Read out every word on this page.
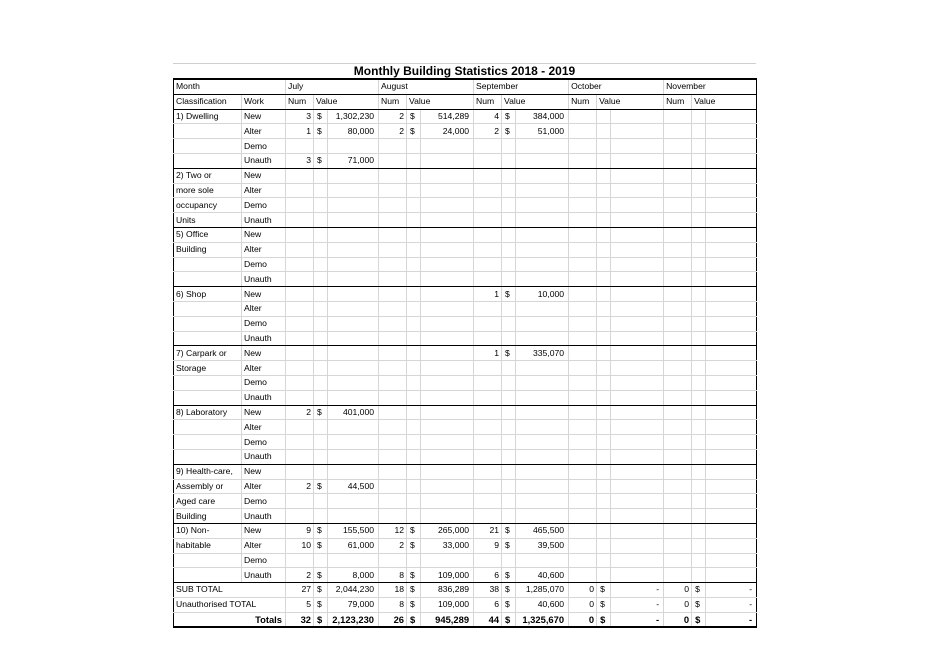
Monthly Building Statistics 2018 - 2019
Month		July			August			September			October			November		
Classification	Work	Num	Value		Num	Value		Num	Value		Num	Value		Num	Value	
1) Dwelling	New	3	$	1,302,230	2	$	514,289	4	$	384,000						
	Alter	1	$	80,000	2	$	24,000	2	$	51,000						
	Demo															
	Unauth	3	$	71,000												
2) Two or	New															
more sole	Alter															
occupancy	Demo															
Units	Unauth															
5) Office	New															
Building	Alter															
	Demo															
	Unauth															
6) Shop	New							1	$	10,000						
	Alter															
	Demo															
	Unauth															
7) Carpark or	New							1	$	335,070						
Storage	Alter															
	Demo															
	Unauth															
8) Laboratory	New	2	$	401,000												
	Alter															
	Demo															
	Unauth															
9) Health-care,	New															
Assembly or	Alter	2	$	44,500												
Aged care	Demo															
Building	Unauth															
10) Non-	New	9	$	155,500	12	$	265,000	21	$	465,500						
habitable	Alter	10	$	61,000	2	$	33,000	9	$	39,500						
	Demo															
	Unauth	2	$	8,000	8	$	109,000	6	$	40,600						
SUB TOTAL		27	$	2,044,230	18	$	836,289	38	$	1,285,070	0	$	-	0	$	-
Unauthorised TOTAL		5	$	79,000	8	$	109,000	6	$	40,600	0	$	-	0	$	-
Totals		32	$	2,123,230	26	$	945,289	44	$	1,325,670	0	$	-	0	$	-
